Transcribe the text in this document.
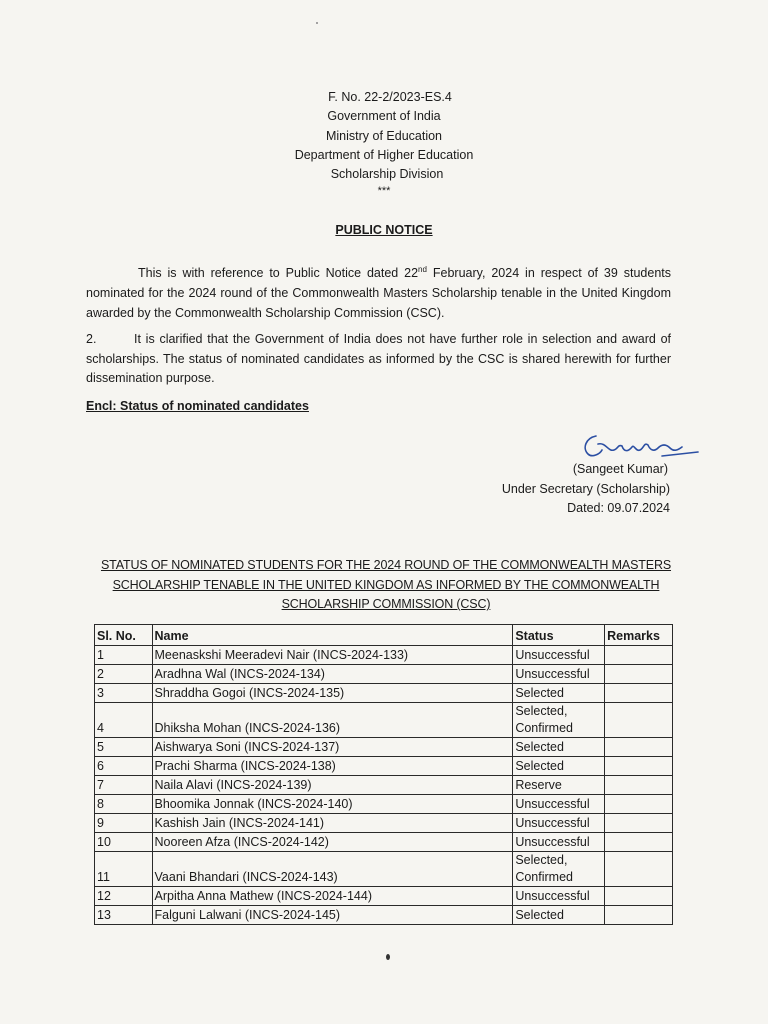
F. No. 22-2/2023-ES.4
Government of India
Ministry of Education
Department of Higher Education
Scholarship Division
***
PUBLIC NOTICE
This is with reference to Public Notice dated 22nd February, 2024 in respect of 39 students nominated for the 2024 round of the Commonwealth Masters Scholarship tenable in the United Kingdom awarded by the Commonwealth Scholarship Commission (CSC).
2.	It is clarified that the Government of India does not have further role in selection and award of scholarships. The status of nominated candidates as informed by the CSC is shared herewith for further dissemination purpose.
Encl: Status of nominated candidates
(Sangeet Kumar)
Under Secretary (Scholarship)
Dated: 09.07.2024
STATUS OF NOMINATED STUDENTS FOR THE 2024 ROUND OF THE COMMONWEALTH MASTERS
SCHOLARSHIP TENABLE IN THE UNITED KINGDOM AS INFORMED BY THE COMMONWEALTH
SCHOLARSHIP COMMISSION (CSC)
Sl. No.	Name	Status	Remarks
1	Meenaskshi Meeradevi Nair (INCS-2024-133)	Unsuccessful	
2	Aradhna Wal (INCS-2024-134)	Unsuccessful	
3	Shraddha Gogoi (INCS-2024-135)	Selected	
4	Dhiksha Mohan (INCS-2024-136)	Selected, Confirmed	
5	Aishwarya Soni (INCS-2024-137)	Selected	
6	Prachi Sharma (INCS-2024-138)	Selected	
7	Naila Alavi (INCS-2024-139)	Reserve	
8	Bhoomika Jonnak (INCS-2024-140)	Unsuccessful	
9	Kashish Jain (INCS-2024-141)	Unsuccessful	
10	Nooreen Afza (INCS-2024-142)	Unsuccessful	
11	Vaani Bhandari (INCS-2024-143)	Selected, Confirmed	
12	Arpitha Anna Mathew (INCS-2024-144)	Unsuccessful	
13	Falguni Lalwani (INCS-2024-145)	Selected	
